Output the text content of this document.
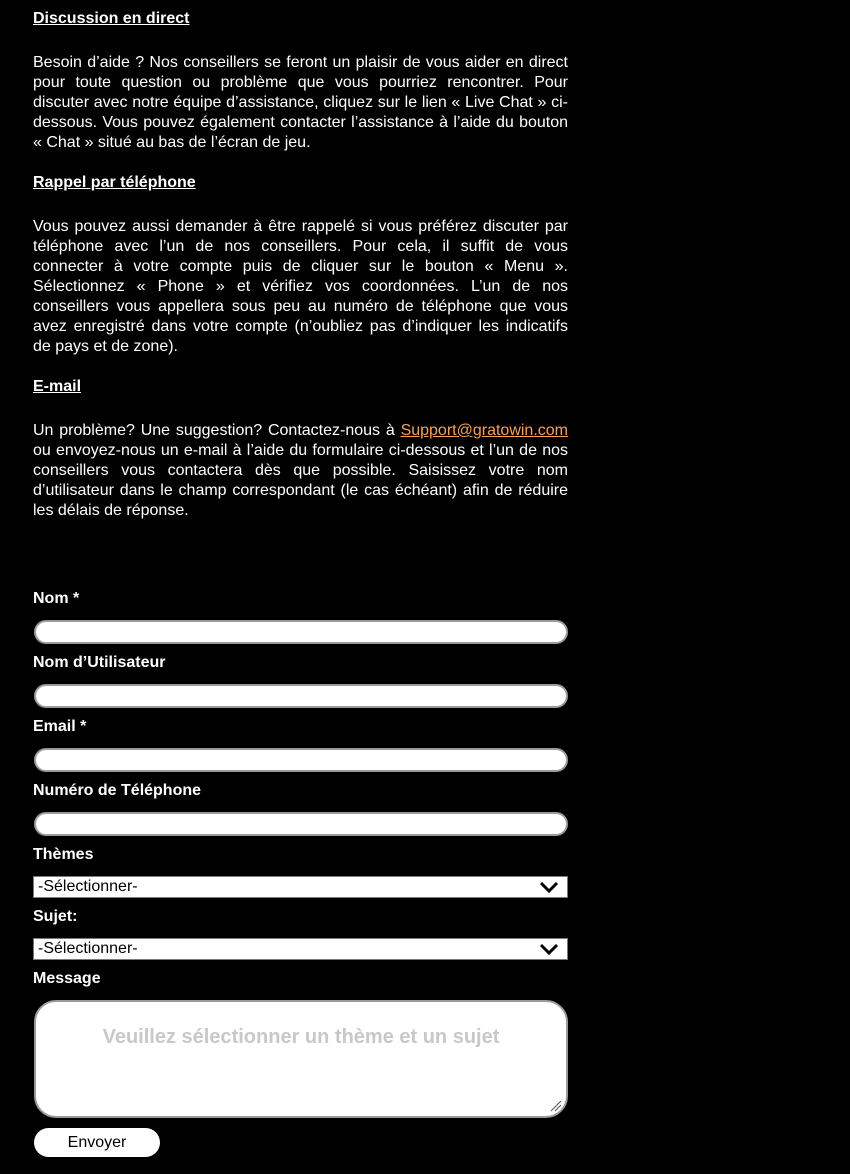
Discussion en direct

Besoin d’aide ? Nos conseillers se feront un plaisir de vous aider en direct pour toute question ou problème que vous pourriez rencontrer. Pour discuter avec notre équipe d’assistance, cliquez sur le lien « Live Chat » ci-dessous. Vous pouvez également contacter l’assistance à l’aide du bouton « Chat » situé au bas de l’écran de jeu.

Rappel par téléphone

Vous pouvez aussi demander à être rappelé si vous préférez discuter par téléphone avec l’un de nos conseillers. Pour cela, il suffit de vous connecter à votre compte puis de cliquer sur le bouton « Menu ». Sélectionnez « Phone » et vérifiez vos coordonnées. L’un de nos conseillers vous appellera sous peu au numéro de téléphone que vous avez enregistré dans votre compte (n’oubliez pas d’indiquer les indicatifs de pays et de zone).

E-mail

Un problème? Une suggestion? Contactez-nous à Support@gratowin.com ou envoyez-nous un e-mail à l’aide du formulaire ci-dessous et l’un de nos conseillers vous contactera dès que possible. Saisissez votre nom d’utilisateur dans le champ correspondant (le cas échéant) afin de réduire les délais de réponse.

Nom *
Nom d’Utilisateur
Email *
Numéro de Téléphone
Thèmes
-Sélectionner-
Sujet:
-Sélectionner-
Message
Veuillez sélectionner un thème et un sujet
Envoyer
